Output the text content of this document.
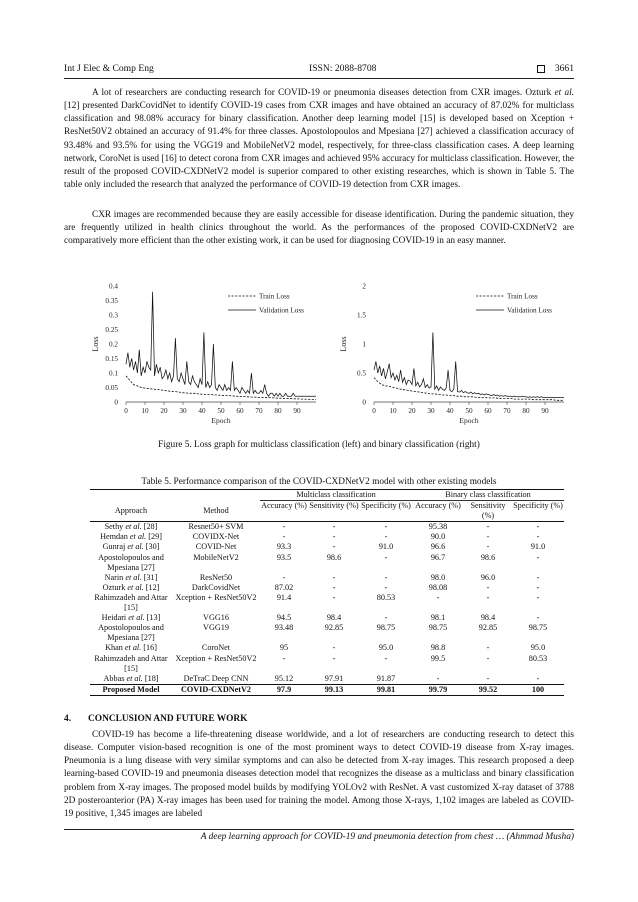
Int J Elec & Comp Eng	ISSN: 2088-8708	3661

A lot of researchers are conducting research for COVID-19 or pneumonia diseases detection from CXR images. Ozturk et al. [12] presented DarkCovidNet to identify COVID-19 cases from CXR images and have obtained an accuracy of 87.02% for multiclass classification and 98.08% accuracy for binary classification. Another deep learning model [15] is developed based on Xception + ResNet50V2 obtained an accuracy of 91.4% for three classes. Apostolopoulos and Mpesiana [27] achieved a classification accuracy of 93.48% and 93.5% for using the VGG19 and MobileNetV2 model, respectively, for three-class classification cases. A deep learning network, CoroNet is used [16] to detect corona from CXR images and achieved 95% accuracy for multiclass classification. However, the result of the proposed COVID-CXDNetV2 model is superior compared to other existing researches, which is shown in Table 5. The table only included the research that analyzed the performance of COVID-19 detection from CXR images.

CXR images are recommended because they are easily accessible for disease identification. During the pandemic situation, they are frequently utilized in health clinics throughout the world. As the performances of the proposed COVID-CXDNetV2 are comparatively more efficient than the other existing work, it can be used for diagnosing COVID-19 in an easy manner.

0
0.05
0.1
0.15
0.2
0.25
0.3
0.35
0.4
0 10 20 30 40 50 60 70 80 90
Epoch
Loss
Train Loss
Validation Loss
0
0.5
1
1.5
2
0 10 20 30 40 50 60 70 80 90
Epoch
Loss
Train Loss
Validation Loss
Figure 5. Loss graph for multiclass classification (left) and binary classification (right)
Table 5. Performance comparison of the COVID-CXDNetV2 model with other existing models
		Multiclass classification			Binary class classification		
Approach	Method	Accuracy (%)	Sensitivity (%)	Specificity (%)	Accuracy (%)	Sensitivity (%)	Specificity (%)
Sethy et al. [28]	Resnet50+ SVM	-	-	-	95.38	-	-
Hemdan et al. [29]	COVIDX-Net	-	-	-	90.0	-	-
Gunraj et al. [30]	COVID-Net	93.3	-	91.0	96.6	-	91.0
Apostolopoulos and Mpesiana [27]	MobileNetV2	93.5	98.6	-	96.7	98.6	-
Narin et al. [31]	ResNet50	-	-	-	98.0	96.0	-
Ozturk et al. [12]	DarkCovidNet	87.02	-	-	98.08	-	-
Rahimzadeh and Attar [15]	Xception + ResNet50V2	91.4	-	80.53	-	-	-
Heidari et al. [13]	VGG16	94.5	98.4	-	98.1	98.4	-
Apostolopoulos and Mpesiana [27]	VGG19	93.48	92.85	98.75	98.75	92.85	98.75
Khan et al. [16]	CoroNet	95	-	95.0	98.8	-	95.0
Rahimzadeh and Attar [15]	Xception + ResNet50V2	-	-	-	99.5	-	80.53
Abbas et al. [18]	DeTraC Deep CNN	95.12	97.91	91.87	-	-	-
Proposed Model	COVID-CXDNetV2	97.9	99.13	99.81	99.79	99.52	100
4. CONCLUSION AND FUTURE WORK

COVID-19 has become a life-threatening disease worldwide, and a lot of researchers are conducting research to detect this disease. Computer vision-based recognition is one of the most prominent ways to detect COVID-19 disease from X-ray images. Pneumonia is a lung disease with very similar symptoms and can also be detected from X-ray images. This research proposed a deep learning-based COVID-19 and pneumonia diseases detection model that recognizes the disease as a multiclass and binary classification problem from X-ray images. The proposed model builds by modifying YOLOv2 with ResNet. A vast customized X-ray dataset of 3788 2D posteroanterior (PA) X-ray images has been used for training the model. Among those X-rays, 1,102 images are labeled as COVID-19 positive, 1,345 images are labeled

A deep learning approach for COVID-19 and pneumonia detection from chest … (Ahmmad Musha)
